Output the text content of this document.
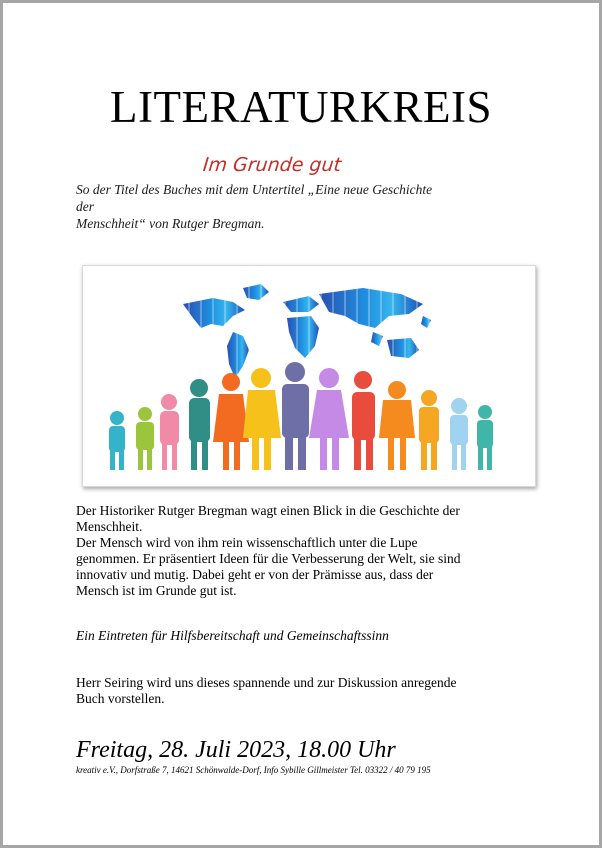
LITERATURKREIS
Im Grunde gut
So der Titel des Buches mit dem Untertitel „Eine neue Geschichte
der
Menschheit“ von Rutger Bregman.
Der Historiker Rutger Bregman wagt einen Blick in die Geschichte der
Menschheit.
Der Mensch wird von ihm rein wissenschaftlich unter die Lupe
genommen. Er präsentiert Ideen für die Verbesserung der Welt, sie sind
innovativ und mutig. Dabei geht er von der Prämisse aus, dass der
Mensch ist im Grunde gut ist.
Ein Eintreten für Hilfsbereitschaft und Gemeinschaftssinn
Herr Seiring wird uns dieses spannende und zur Diskussion anregende
Buch vorstellen.
Freitag, 28. Juli 2023, 18.00 Uhr
kreativ e.V., Dorfstraße 7, 14621 Schönwalde-Dorf, Info Sybille Gillmeister Tel. 03322 / 40 79 195
